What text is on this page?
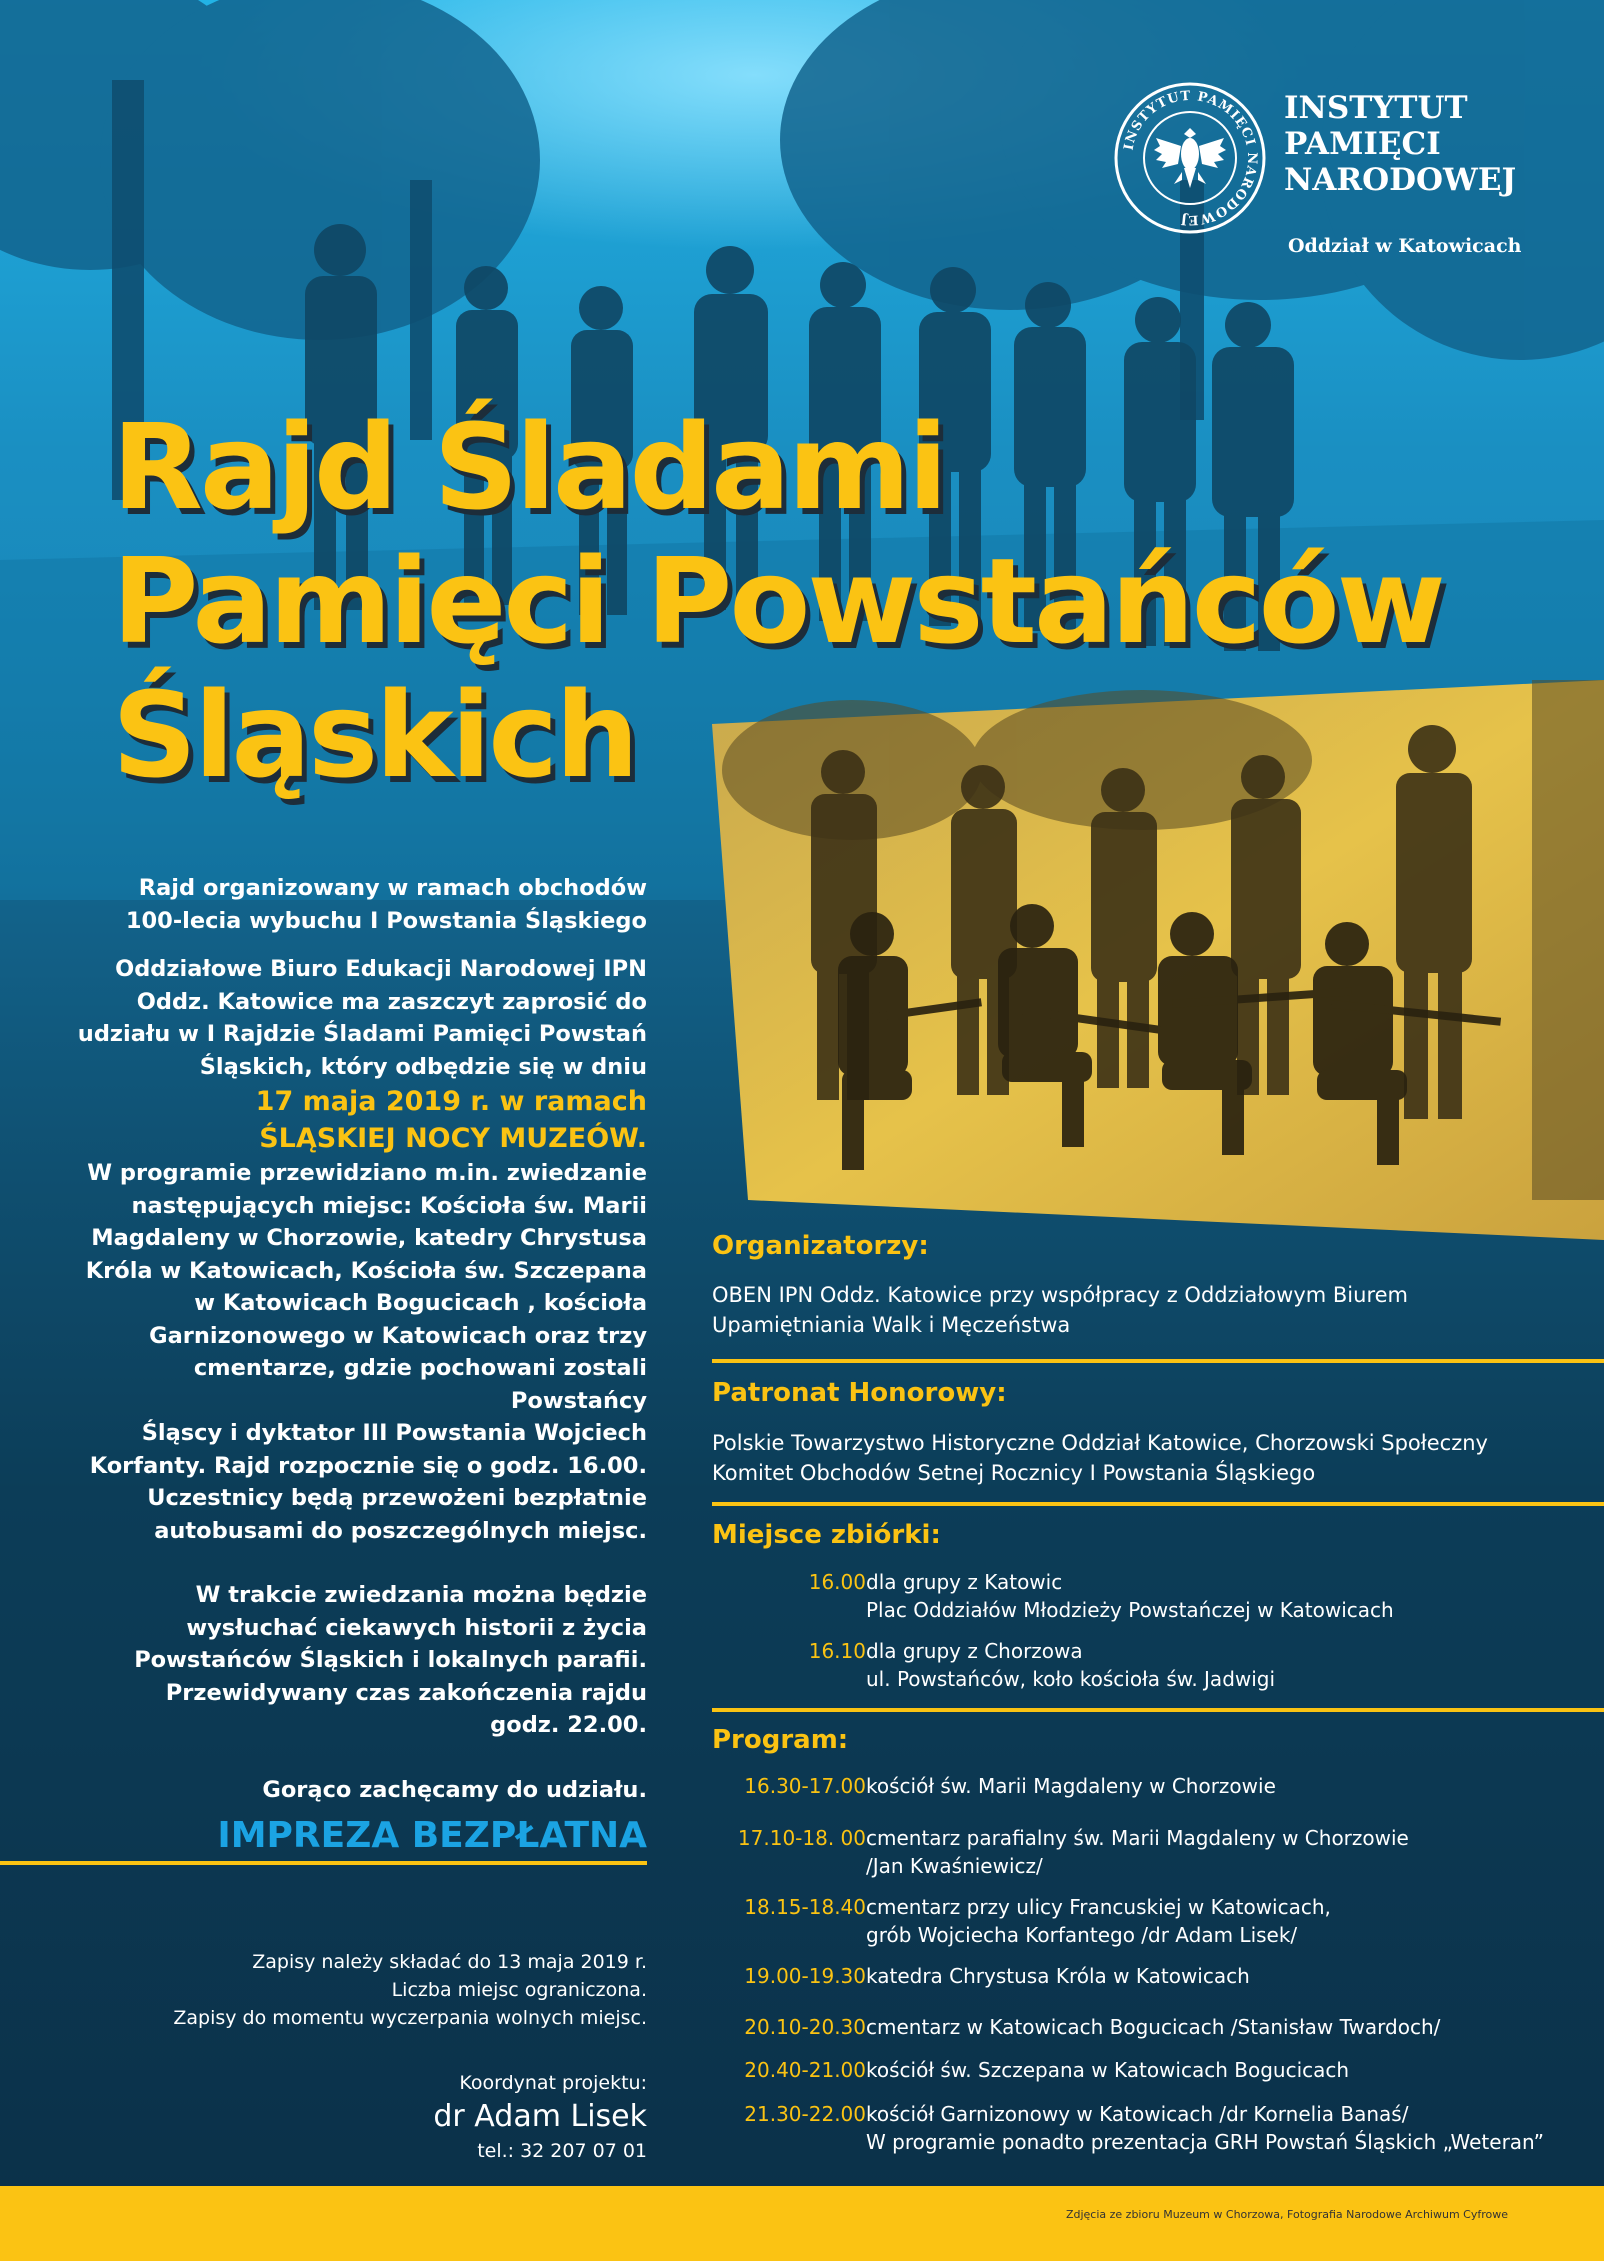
INSTYTUT PAMIĘCI NARODOWEJ
INSTYTUT
PAMIĘCI
NARODOWEJ
Oddział w Katowicach
Rajd Śladami
Pamięci Powstańców
Śląskich

Rajd organizowany w ramach obchodów

100-lecia wybuchu I Powstania Śląskiego

Oddziałowe Biuro Edukacji Narodowej IPN

Oddz. Katowice ma zaszczyt zaprosić do

udziału w I Rajdzie Śladami Pamięci Powstań

Śląskich, który odbędzie się w dniu

17 maja 2019 r. w ramach

ŚLĄSKIEJ NOCY MUZEÓW.

W programie przewidziano m.in. zwiedzanie

następujących miejsc: Kościoła św. Marii

Magdaleny w Chorzowie, katedry Chrystusa

Króla w Katowicach, Kościoła św. Szczepana

w Katowicach Bogucicach , kościoła

Garnizonowego w Katowicach oraz trzy

cmentarze, gdzie pochowani zostali Powstańcy

Śląscy i dyktator III Powstania Wojciech

Korfanty. Rajd rozpocznie się o godz. 16.00.

Uczestnicy będą przewożeni bezpłatnie

autobusami do poszczególnych miejsc.

W trakcie zwiedzania można będzie

wysłuchać ciekawych historii z życia

Powstańców Śląskich i lokalnych parafii.

Przewidywany czas zakończenia rajdu

godz. 22.00.

Gorąco zachęcamy do udziału.

IMPREZA BEZPŁATNA

Zapisy należy składać do 13 maja 2019 r.
Liczba miejsc ograniczona.
Zapisy do momentu wyczerpania wolnych miejsc.
Koordynat projektu:
dr Adam Lisek
tel.: 32 207 07 01
Organizatorzy:
OBEN IPN Oddz. Katowice przy współpracy z Oddziałowym Biurem
Upamiętniania Walk i Męczeństwa
Patronat Honorowy:
Polskie Towarzystwo Historyczne Oddział Katowice, Chorzowski Społeczny
Komitet Obchodów Setnej Rocznicy I Powstania Śląskiego
Miejsce zbiórki:
16.00 dla grupy z Katowic
Plac Oddziałów Młodzieży Powstańczej w Katowicach
16.10 dla grupy z Chorzowa
ul. Powstańców, koło kościoła św. Jadwigi
Program:
16.30-17.00 kościół św. Marii Magdaleny w Chorzowie
17.10-18. 00 cmentarz parafialny św. Marii Magdaleny w Chorzowie
/Jan Kwaśniewicz/
18.15-18.40 cmentarz przy ulicy Francuskiej w Katowicach,
grób Wojciecha Korfantego /dr Adam Lisek/
19.00-19.30 katedra Chrystusa Króla w Katowicach
20.10-20.30 cmentarz w Katowicach Bogucicach /Stanisław Twardoch/
20.40-21.00 kościół św. Szczepana w Katowicach Bogucicach
21.30-22.00 kościół Garnizonowy w Katowicach /dr Kornelia Banaś/
W programie ponadto prezentacja GRH Powstań Śląskich „Weteran”
Zdjęcia ze zbioru Muzeum w Chorzowa, Fotografia Narodowe Archiwum Cyfrowe
